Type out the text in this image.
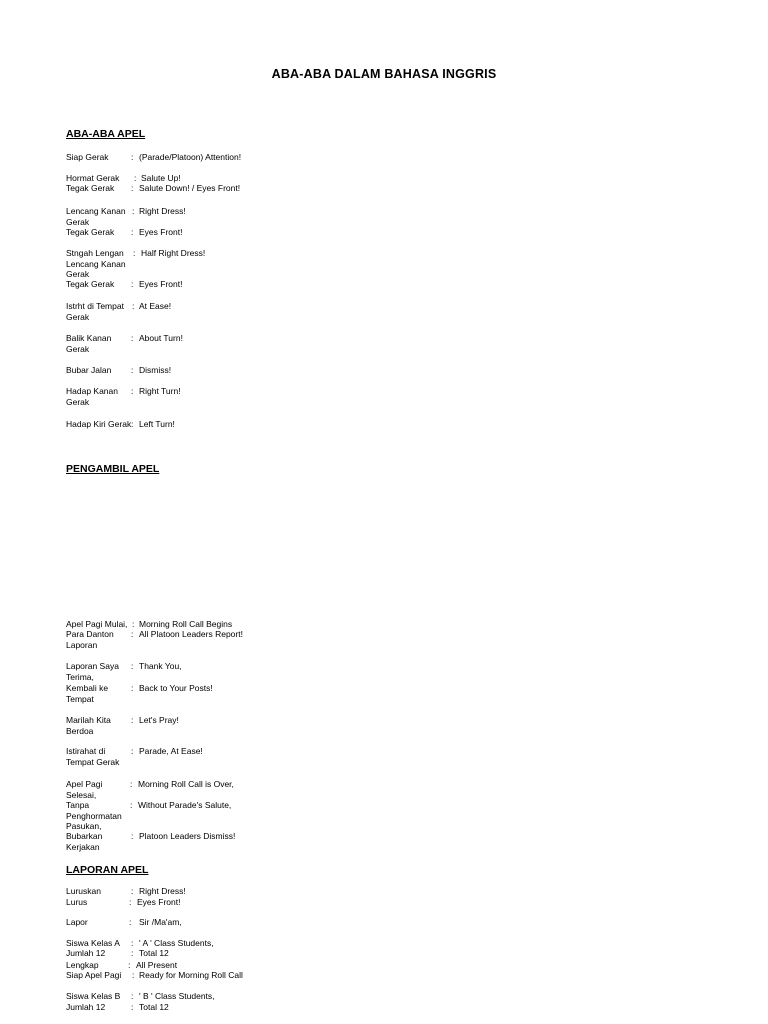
ABA-ABA DALAM BAHASA INGGRIS
ABA-ABA APEL
Siap Gerak	: (Parade/Platoon) Attention!
Hormat Gerak	: Salute Up!
Tegak Gerak	: Salute Down! / Eyes Front!
Lencang Kanan Gerak
: Right Dress!
Tegak Gerak	: Eyes Front!
Stngah Lengan Lencang Kanan Gerak
: Half Right Dress!
Tegak Gerak	: Eyes Front!
Istrht di Tempat Gerak
: At Ease!
Balik Kanan Gerak
: About Turn!
Bubar Jalan	: Dismiss!
Hadap Kanan Gerak
: Right Turn!
Hadap Kiri Gerak : Left Turn!
PENGAMBIL APEL
Apel Pagi Mulai, : Morning Roll Call Begins
Para Danton Laporan
: All Platoon Leaders Report!
Laporan Saya Terima,
: Thank You,
Kembali ke Tempat
: Back to Your Posts!
Marilah Kita Berdoa
: Let's Pray!
Istirahat di Tempat Gerak
: Parade, At Ease!
Apel Pagi Selesai,
: Morning Roll Call is Over,
Tanpa Penghormatan Pasukan,
: Without Parade's Salute,
Bubarkan Kerjakan
: Platoon Leaders Dismiss!
LAPORAN APEL
Luruskan	: Right Dress!
Lurus	: Eyes Front!
Lapor	: Sir /Ma'am,
Siswa Kelas A	: ' A ' Class Students,
Jumlah 12	: Total 12
Lengkap	: All Present
Siap Apel Pagi	: Ready for Morning Roll Call
Siswa Kelas B	: ' B ' Class Students,
Jumlah 12	: Total 12
